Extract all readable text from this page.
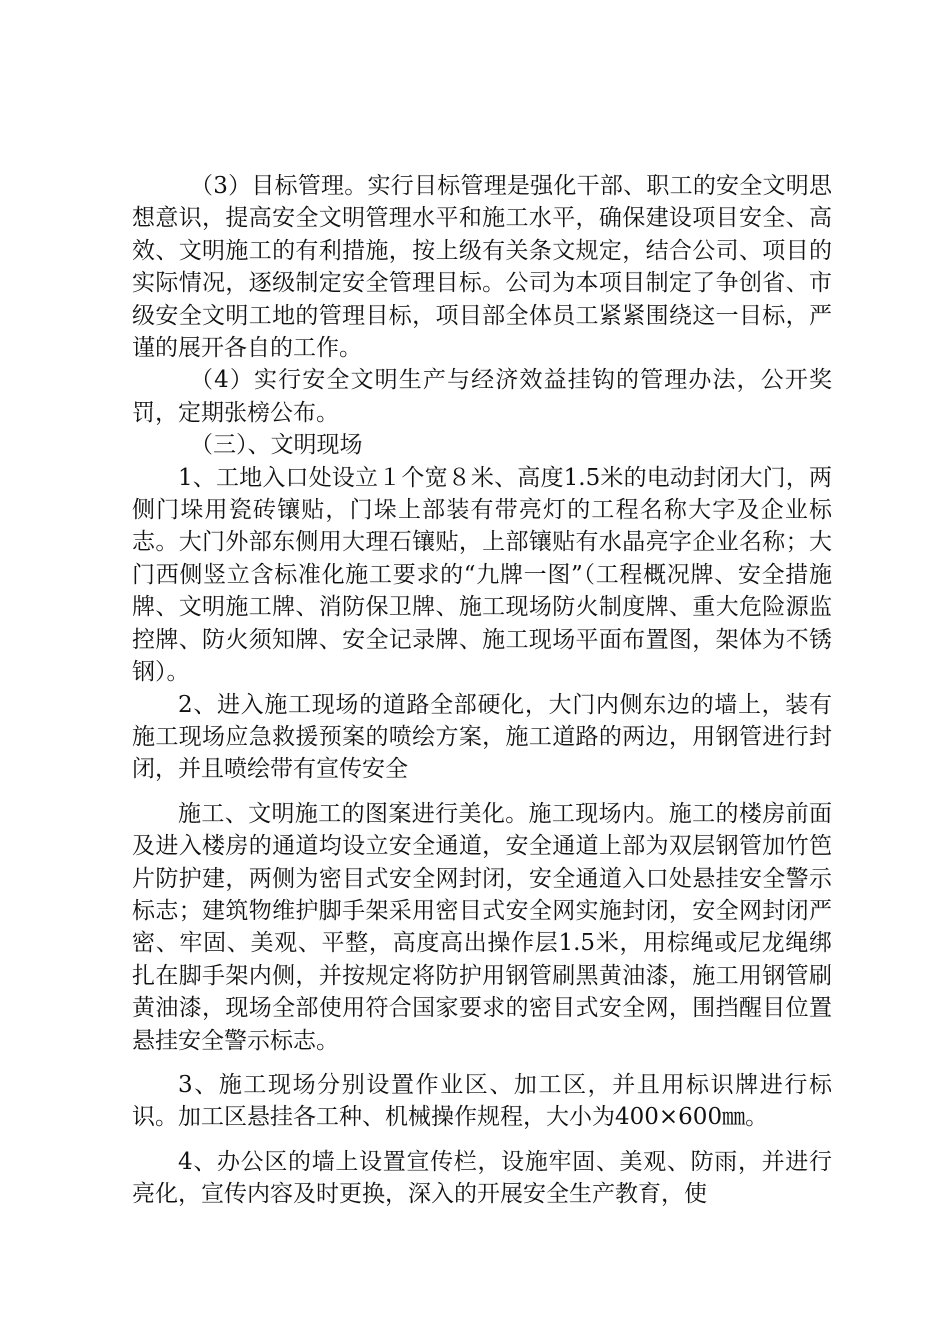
（3）目标管理。实行目标管理是强化干部、职工的安全文明思想意识，提高安全文明管理水平和施工水平，确保建设项目安全、高效、文明施工的有利措施，按上级有关条文规定，结合公司、项目的实际情况，逐级制定安全管理目标。公司为本项目制定了争创省、市级安全文明工地的管理目标，项目部全体员工紧紧围绕这一目标，严谨的展开各自的工作。

（4）实行安全文明生产与经济效益挂钩的管理办法，公开奖罚，定期张榜公布。

（三）、文明现场

1、工地入口处设立１个宽８米、高度1.5米的电动封闭大门，两侧门垛用瓷砖镶贴，门垛上部装有带亮灯的工程名称大字及企业标志。大门外部东侧用大理石镶贴，上部镶贴有水晶亮字企业名称；大门西侧竖立含标准化施工要求的“九牌一图”（工程概况牌、安全措施牌、文明施工牌、消防保卫牌、施工现场防火制度牌、重大危险源监控牌、防火须知牌、安全记录牌、施工现场平面布置图，架体为不锈钢）。

2、进入施工现场的道路全部硬化，大门内侧东边的墙上，装有施工现场应急救援预案的喷绘方案，施工道路的两边，用钢管进行封闭，并且喷绘带有宣传安全

施工、文明施工的图案进行美化。施工现场内。施工的楼房前面及进入楼房的通道均设立安全通道，安全通道上部为双层钢管加竹笆片防护建，两侧为密目式安全网封闭，安全通道入口处悬挂安全警示标志；建筑物维护脚手架采用密目式安全网实施封闭，安全网封闭严密、牢固、美观、平整，高度高出操作层1.5米，用棕绳或尼龙绳绑扎在脚手架内侧，并按规定将防护用钢管刷黑黄油漆，施工用钢管刷黄油漆，现场全部使用符合国家要求的密目式安全网，围挡醒目位置悬挂安全警示标志。

3、施工现场分别设置作业区、加工区，并且用标识牌进行标识。加工区悬挂各工种、机械操作规程，大小为400×600㎜。

4、办公区的墙上设置宣传栏，设施牢固、美观、防雨，并进行亮化，宣传内容及时更换，深入的开展安全生产教育，使
